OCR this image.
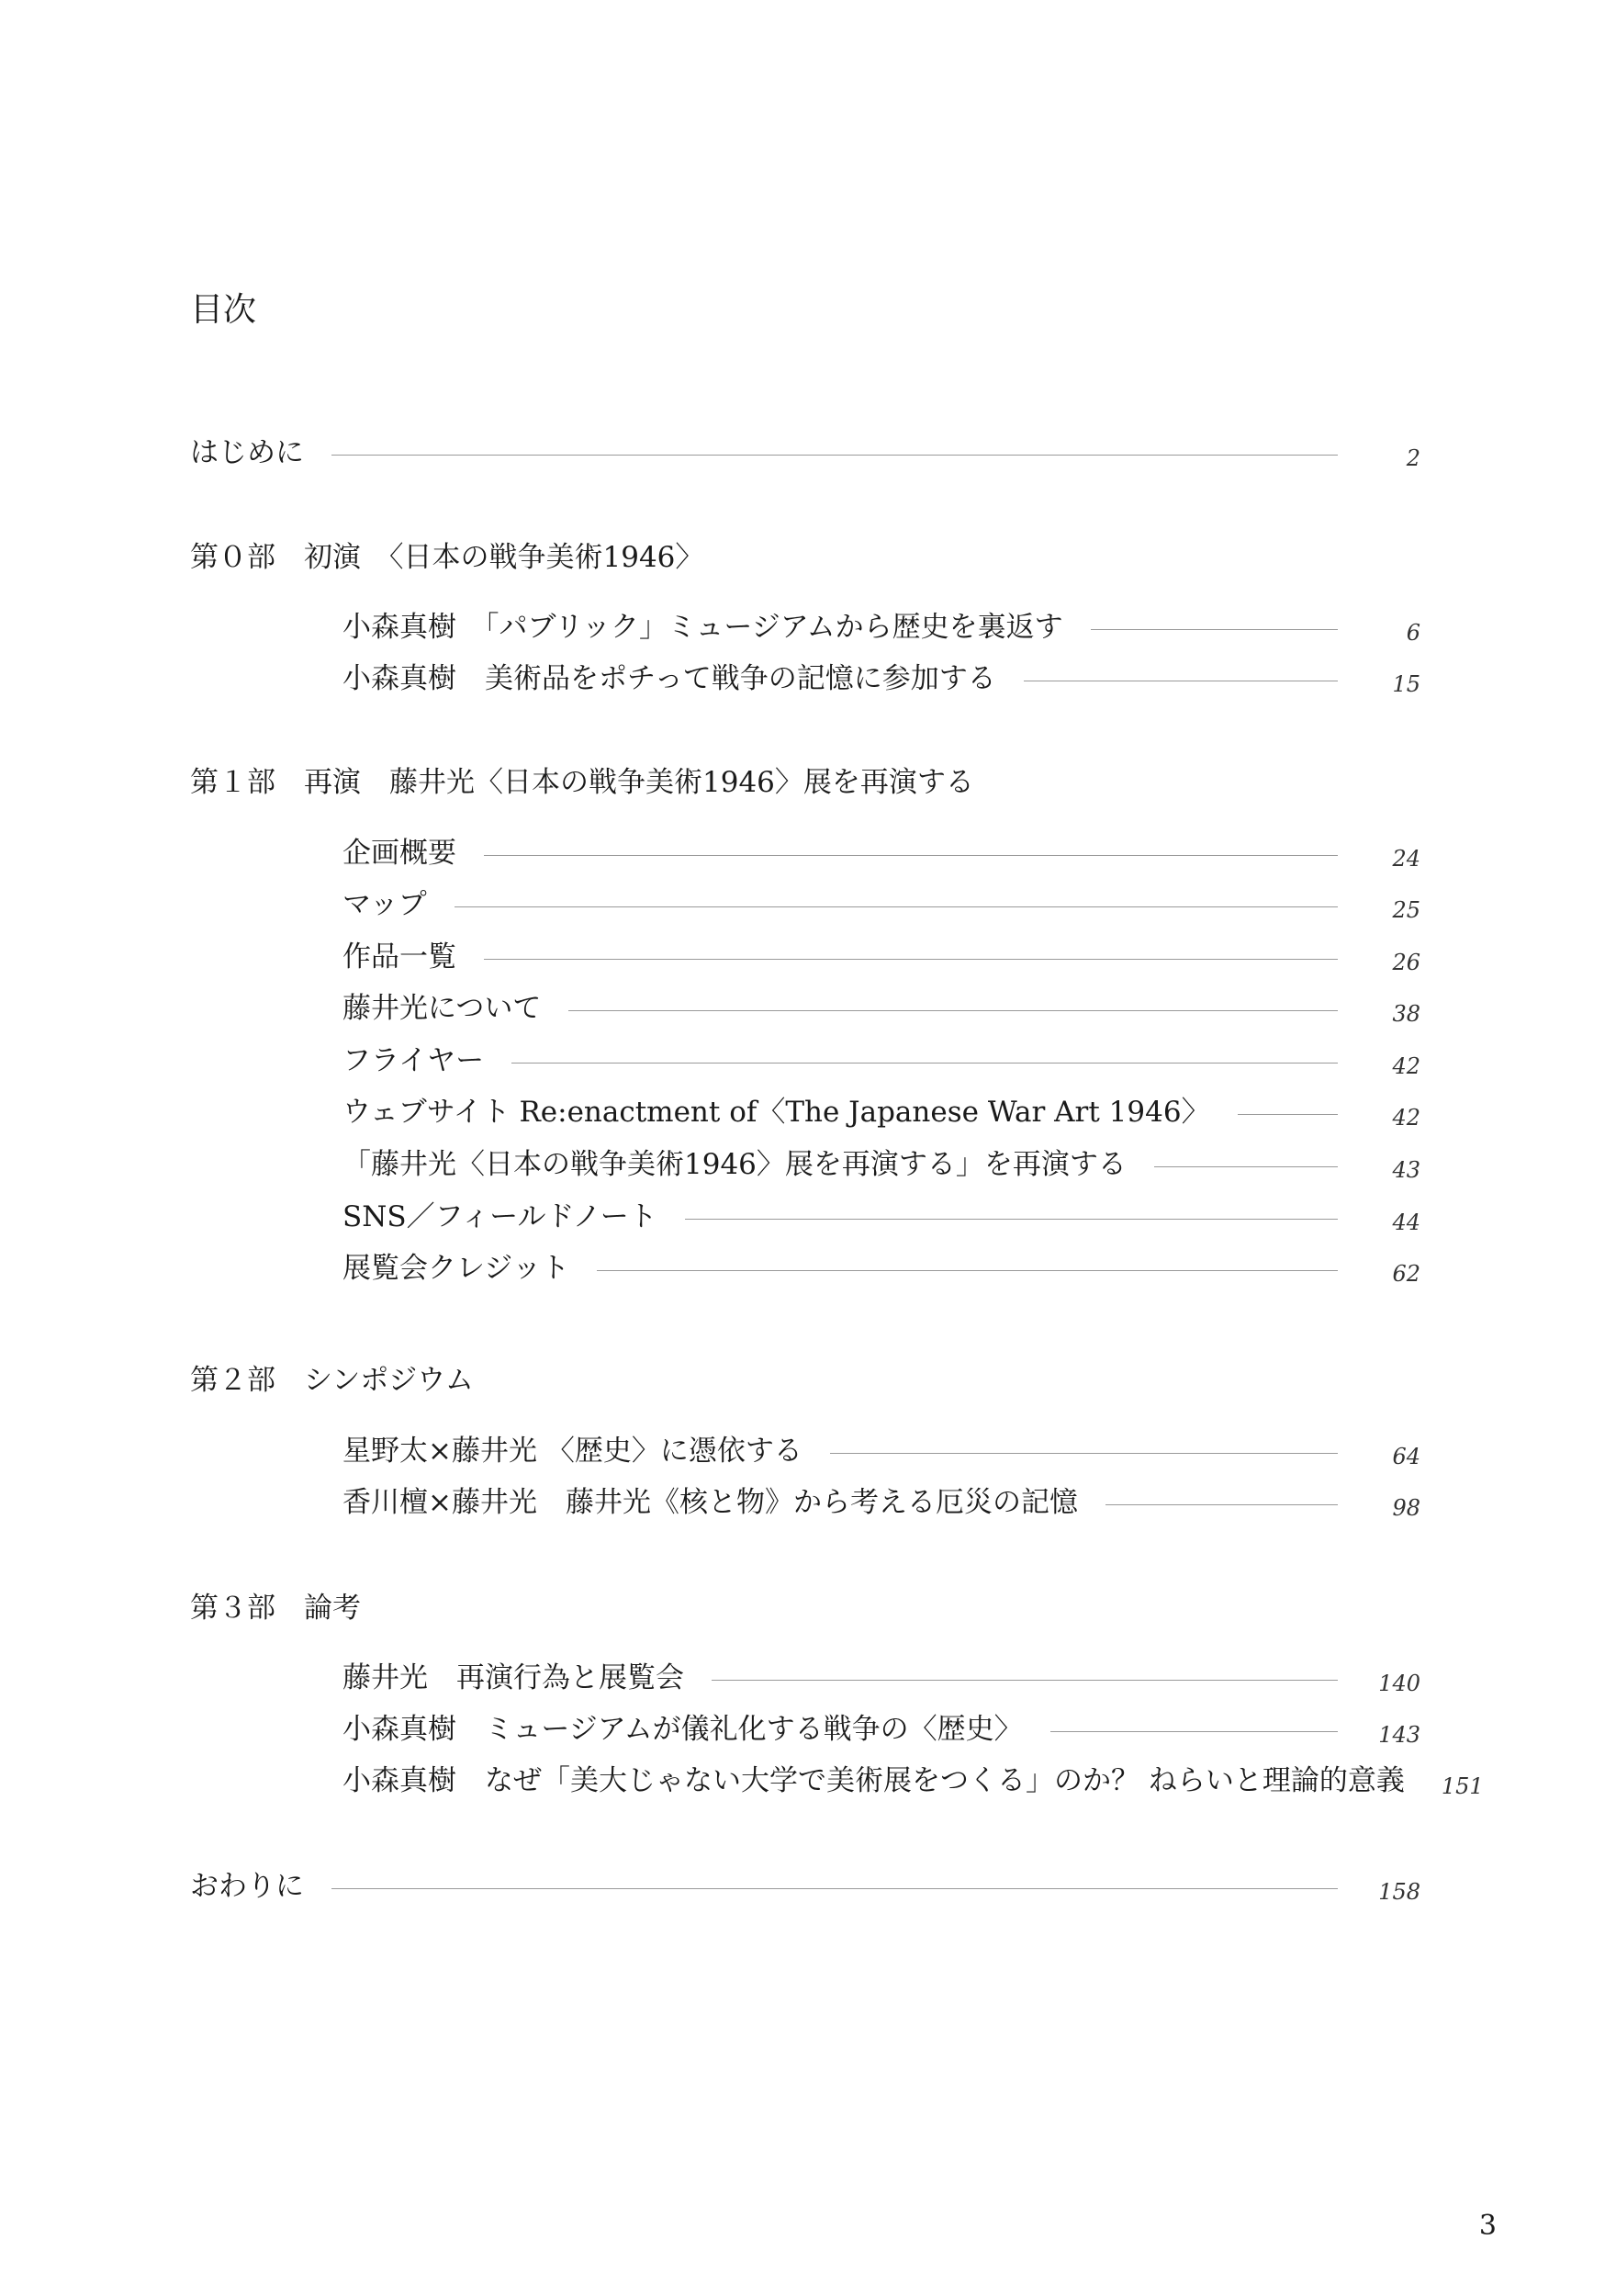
目次
はじめに	2
第０部　初演　〈日本の戦争美術1946〉
小森真樹　「パブリック」ミュージアムから歴史を裏返す	6
小森真樹　美術品をポチって戦争の記憶に参加する	15
第１部　再演　藤井光〈日本の戦争美術1946〉展を再演する
企画概要	24
マップ	25
作品一覧	26
藤井光について	38
フライヤー	42
ウェブサイト Re:enactment of〈The Japanese War Art 1946〉	42
「藤井光〈日本の戦争美術1946〉展を再演する」を再演する	43
SNS／フィールドノート	44
展覧会クレジット	62
第２部　シンポジウム
星野太×藤井光 〈歴史〉に憑依する	64
香川檀×藤井光　藤井光《核と物》から考える厄災の記憶	98
第３部　論考
藤井光　再演行為と展覧会	140
小森真樹　ミュージアムが儀礼化する戦争の〈歴史〉	143
小森真樹　なぜ「美大じゃない大学で美術展をつくる」のか？ ねらいと理論的意義 151
おわりに	158
3
